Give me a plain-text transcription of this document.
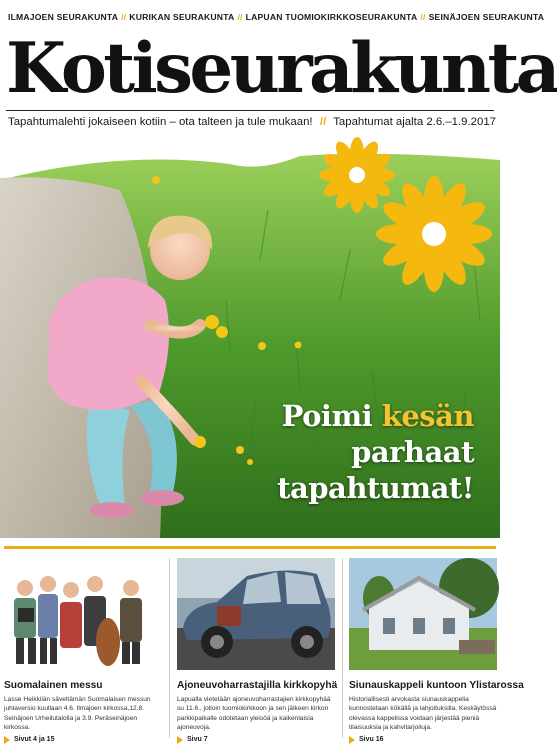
ILMAJOEN SEURAKUNTA // KURIKAN SEURAKUNTA // LAPUAN TUOMIOKIRKKOSEURAKUNTA // SEINÄJOEN SEURAKUNTA
Kotiseurakunta
Tapahtumalehti jokaiseen kotiin – ota talteen ja tule mukaan! // Tapahtumat ajalta 2.6.–1.9.2017
Poimi kesän
parhaat
tapahtumat!
Suomalainen messu

Lasse Heikkilän säveltämän Suomalaisen messun juhlaversio kuullaan 4.6. Ilmajoen kirkossa,12.8. Seinäjoen Urheilutalolla ja 3.9. Peräseinäjoen kirkossa.

Sivut 4 ja 15
Ajoneuvoharrastajilla kirkkopyhä

Lapualla vietetään ajoneuvoharrastajien kirkkopyhää su 11.6., jolloin tuomiokirkkoon ja sen jälkeen kirkon parkkipaikalle odotetaan yleisöä ja kaikenlaisia ajoneuvoja.

Sivu 7
Siunauskappeli kuntoon Ylistarossa

Historiallisesti arvokasta siunauskappelia kunnostetaan kökällä ja lahjoituksilla. Keskäytössä olevassa kappelissa voidaan järjestää pieniä tilaisuuksia ja kahvitarjoiluja.

Sivu 16
